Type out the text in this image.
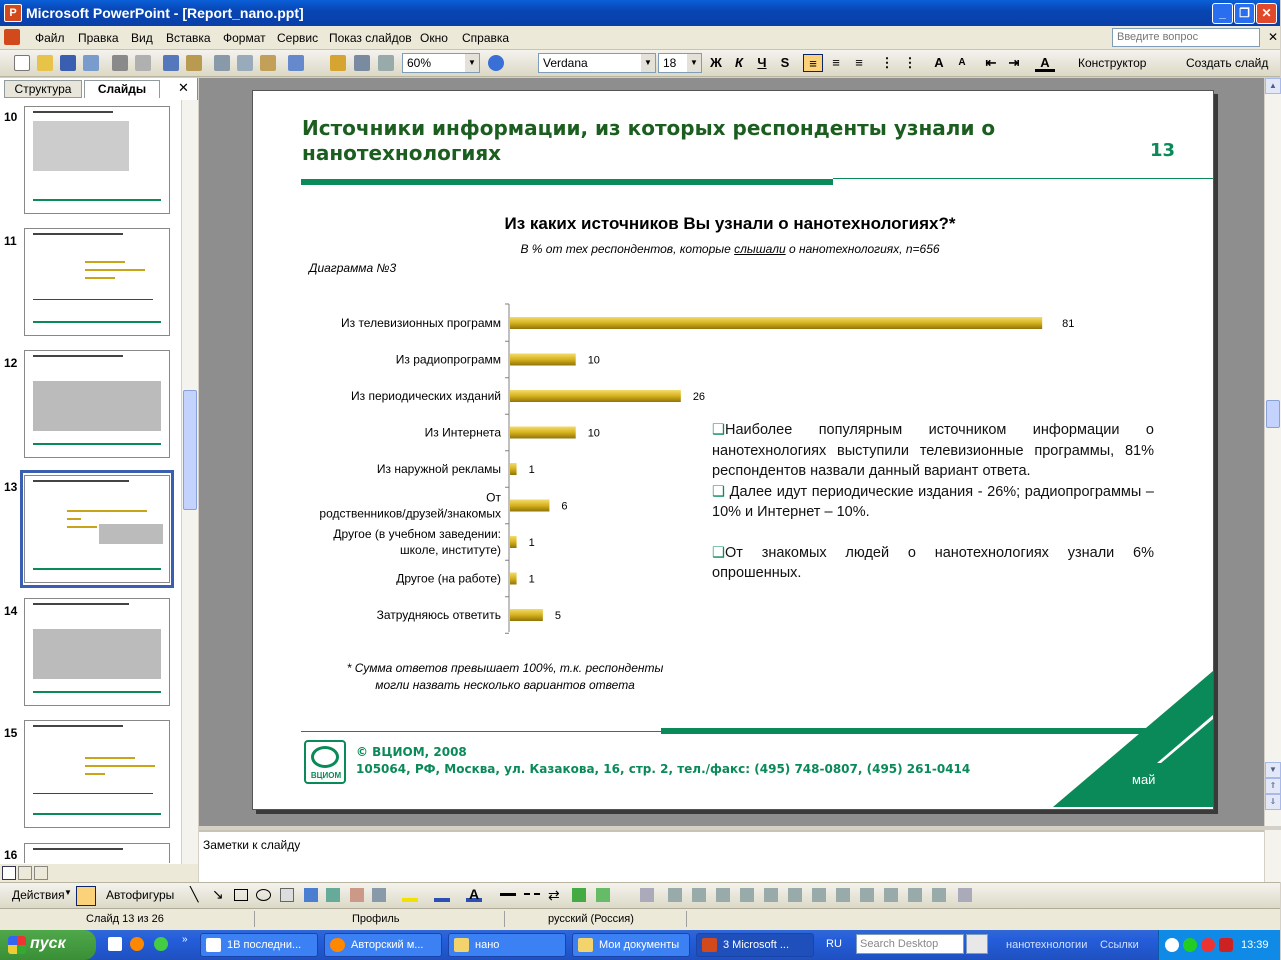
P Microsoft PowerPoint - [Report_nano.ppt]	_	❐ ✕
Файл Правка Вид Вставка Формат Сервис Показ слайдов Окно Справка	Введите вопрос	✕
60%	▼	Verdana	▼ 18	▼ Ж	К	Ч	S	≡	≡	≡	⋮ ⋮	A	A	⇤ ⇥	A	Конструктор	Создать слайд
Структура	Слайды	✕
10
11
12
13
14
15
16
▲
▼
⇑
⇓
Источники информации, из которых респонденты узнали о нанотехнологиях	13
Из каких источников Вы узнали о нанотехнологиях?*
В % от тех респондентов, которые слышали о нанотехнологиях, n=656
Диаграмма №3
81
Из телевизионных программ
10
Из радиопрограмм
26
Из периодических изданий
10
Из Интернета
1
Из наружной рекламы
6
От
родственников/друзей/знакомых
1
Другое (в учебном заведении:
школе, институте)
1
Другое (на работе)
5
Затрудняюсь ответить

❑Наиболее популярным источником информации о нанотехнологиях выступили телевизионные программы, 81% респондентов назвали данный вариант ответа.

❑ Далее идут периодические издания - 26%; радиопрограммы – 10% и Интернет – 10%.

❑От знакомых людей о нанотехнологиях узнали 6% опрошенных.

* Сумма ответов превышает 100%, т.к. респонденты
могли назвать несколько вариантов ответа
май
ВЦИОМ
© ВЦИОМ, 2008
105064, РФ, Москва, ул. Казакова, 16, стр. 2, тел./факс: (495) 748-0807, (495) 261-0414
Заметки к слайду
Действия ▼	Автофигуры ╲ ↘	A	⇄
Слайд 13 из 26	Профиль	русский (Россия)
пуск	»	1В последни...	Авторский м...	нано	Мои документы	3 Microsoft ...	RU	Search Desktop	нанотехнологии Ссылки	13:39
